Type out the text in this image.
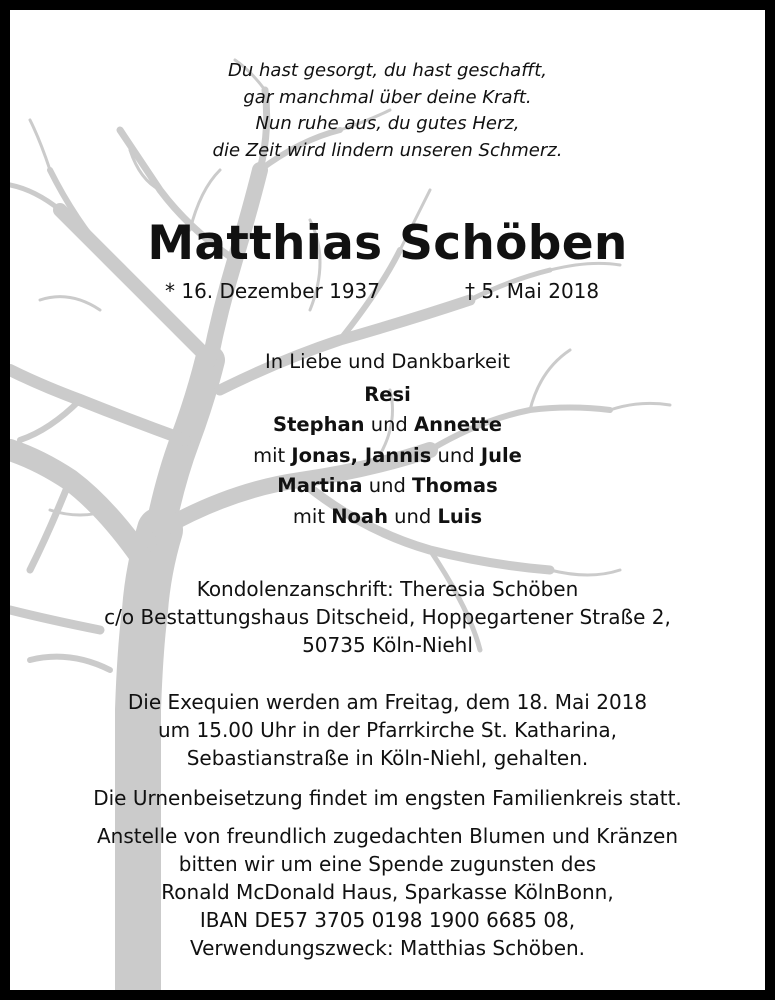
Du hast gesorgt, du hast geschafft,

gar manchmal über deine Kraft.

Nun ruhe aus, du gutes Herz,

die Zeit wird lindern unseren Schmerz.

Matthias Schöben
* 16. Dezember 1937	† 5. Mai 2018

In Liebe und Dankbarkeit

Resi

Stephan und Annette

mit Jonas, Jannis und Jule

Martina und Thomas

mit Noah und Luis

Kondolenzanschrift: Theresia Schöben

c/o Bestattungshaus Ditscheid, Hoppegartener Straße 2,

50735 Köln-Niehl

Die Exequien werden am Freitag, dem 18. Mai 2018

um 15.00 Uhr in der Pfarrkirche St. Katharina,

Sebastianstraße in Köln-Niehl, gehalten.

Die Urnenbeisetzung findet im engsten Familienkreis statt.

Anstelle von freundlich zugedachten Blumen und Kränzen

bitten wir um eine Spende zugunsten des

Ronald McDonald Haus, Sparkasse KölnBonn,

IBAN DE57 3705 0198 1900 6685 08,

Verwendungszweck: Matthias Schöben.
